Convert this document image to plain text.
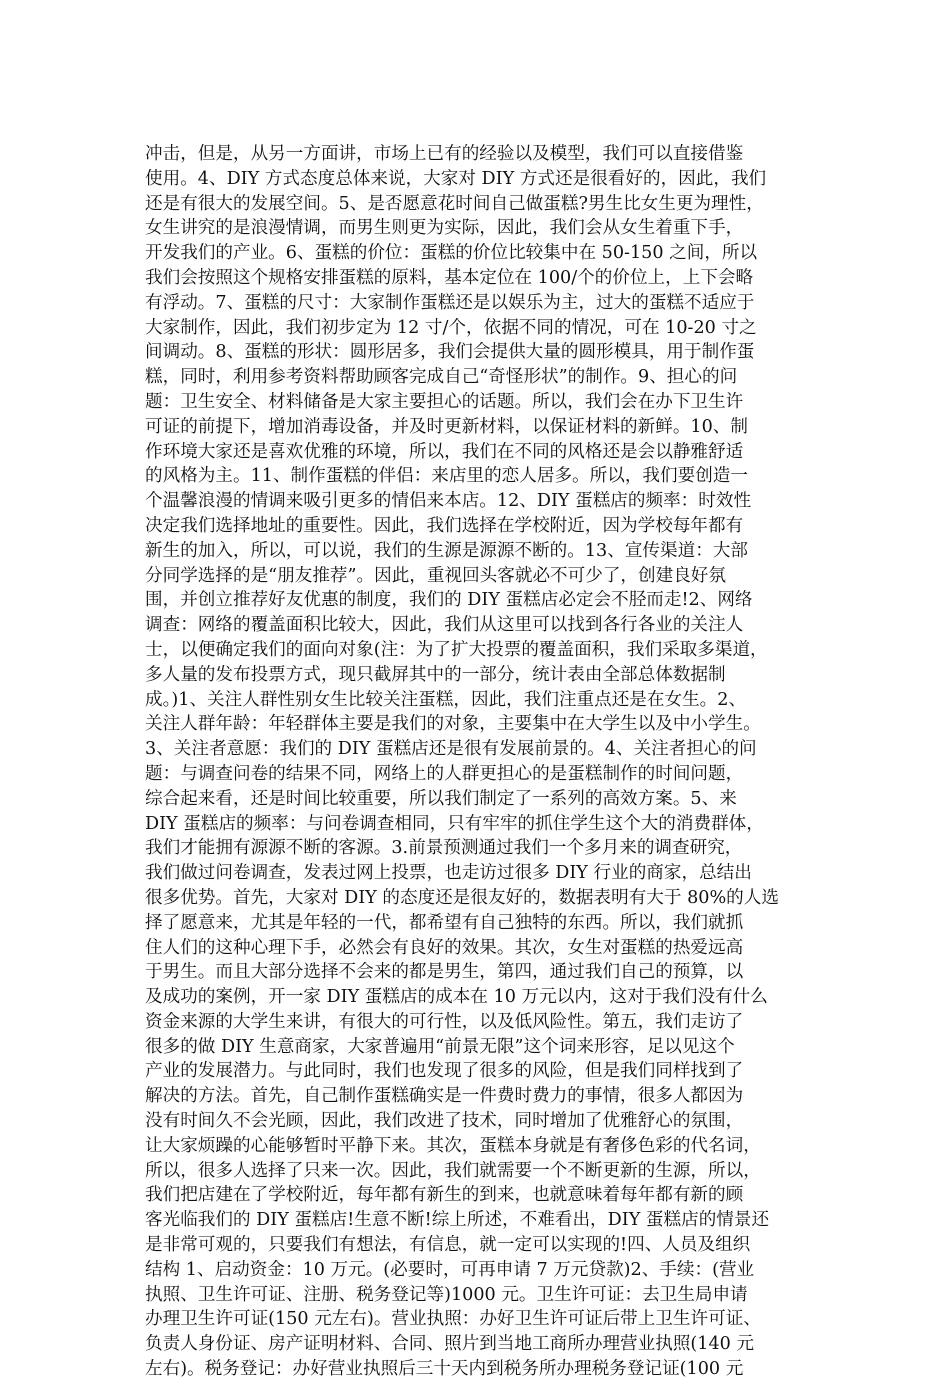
冲击，但是，从另一方面讲，市场上已有的经验以及模型，我们可以直接借鉴
使用。4、DIY 方式态度总体来说，大家对 DIY 方式还是很看好的，因此，我们
还是有很大的发展空间。5、是否愿意花时间自己做蛋糕?男生比女生更为理性，
女生讲究的是浪漫情调，而男生则更为实际，因此，我们会从女生着重下手，
开发我们的产业。6、蛋糕的价位：蛋糕的价位比较集中在 50-150 之间，所以
我们会按照这个规格安排蛋糕的原料，基本定位在 100/个的价位上，上下会略
有浮动。7、蛋糕的尺寸：大家制作蛋糕还是以娱乐为主，过大的蛋糕不适应于
大家制作，因此，我们初步定为 12 寸/个，依据不同的情况，可在 10-20 寸之
间调动。8、蛋糕的形状：圆形居多，我们会提供大量的圆形模具，用于制作蛋
糕，同时，利用参考资料帮助顾客完成自己“奇怪形状”的制作。9、担心的问
题：卫生安全、材料储备是大家主要担心的话题。所以，我们会在办下卫生许
可证的前提下，增加消毒设备，并及时更新材料，以保证材料的新鲜。10、制
作环境大家还是喜欢优雅的环境，所以，我们在不同的风格还是会以静雅舒适
的风格为主。11、制作蛋糕的伴侣：来店里的恋人居多。所以，我们要创造一
个温馨浪漫的情调来吸引更多的情侣来本店。12、DIY 蛋糕店的频率：时效性
决定我们选择地址的重要性。因此，我们选择在学校附近，因为学校每年都有
新生的加入，所以，可以说，我们的生源是源源不断的。13、宣传渠道：大部
分同学选择的是“朋友推荐”。因此，重视回头客就必不可少了，创建良好氛
围，并创立推荐好友优惠的制度，我们的 DIY 蛋糕店必定会不胫而走!2、网络
调查：网络的覆盖面积比较大，因此，我们从这里可以找到各行各业的关注人
士，以便确定我们的面向对象(注：为了扩大投票的覆盖面积，我们采取多渠道，
多人量的发布投票方式，现只截屏其中的一部分，统计表由全部总体数据制
成。)1、关注人群性别女生比较关注蛋糕，因此，我们注重点还是在女生。2、
关注人群年龄：年轻群体主要是我们的对象，主要集中在大学生以及中小学生。
3、关注者意愿：我们的 DIY 蛋糕店还是很有发展前景的。4、关注者担心的问
题：与调查问卷的结果不同，网络上的人群更担心的是蛋糕制作的时间问题，
综合起来看，还是时间比较重要，所以我们制定了一系列的高效方案。5、来
DIY 蛋糕店的频率：与问卷调查相同，只有牢牢的抓住学生这个大的消费群体，
我们才能拥有源源不断的客源。3.前景预测通过我们一个多月来的调查研究，
我们做过问卷调查，发表过网上投票，也走访过很多 DIY 行业的商家，总结出
很多优势。首先，大家对 DIY 的态度还是很友好的，数据表明有大于 80%的人选
择了愿意来，尤其是年轻的一代，都希望有自己独特的东西。所以，我们就抓
住人们的这种心理下手，必然会有良好的效果。其次，女生对蛋糕的热爱远高
于男生。而且大部分选择不会来的都是男生，第四，通过我们自己的预算，以
及成功的案例，开一家 DIY 蛋糕店的成本在 10 万元以内，这对于我们没有什么
资金来源的大学生来讲，有很大的可行性，以及低风险性。第五，我们走访了
很多的做 DIY 生意商家，大家普遍用“前景无限”这个词来形容，足以见这个
产业的发展潜力。与此同时，我们也发现了很多的风险，但是我们同样找到了
解决的方法。首先，自己制作蛋糕确实是一件费时费力的事情，很多人都因为
没有时间久不会光顾，因此，我们改进了技术，同时增加了优雅舒心的氛围，
让大家烦躁的心能够暂时平静下来。其次，蛋糕本身就是有奢侈色彩的代名词，
所以，很多人选择了只来一次。因此，我们就需要一个不断更新的生源，所以，
我们把店建在了学校附近，每年都有新生的到来，也就意味着每年都有新的顾
客光临我们的 DIY 蛋糕店!生意不断!综上所述，不难看出，DIY 蛋糕店的情景还
是非常可观的，只要我们有想法，有信息，就一定可以实现的!四、人员及组织
结构 1、启动资金：10 万元。(必要时，可再申请 7 万元贷款)2、手续：(营业
执照、卫生许可证、注册、税务登记等)1000 元。卫生许可证：去卫生局申请
办理卫生许可证(150 元左右)。营业执照：办好卫生许可证后带上卫生许可证、
负责人身份证、房产证明材料、合同、照片到当地工商所办理营业执照(140 元
左右)。税务登记：办好营业执照后三十天内到税务所办理税务登记证(100 元
